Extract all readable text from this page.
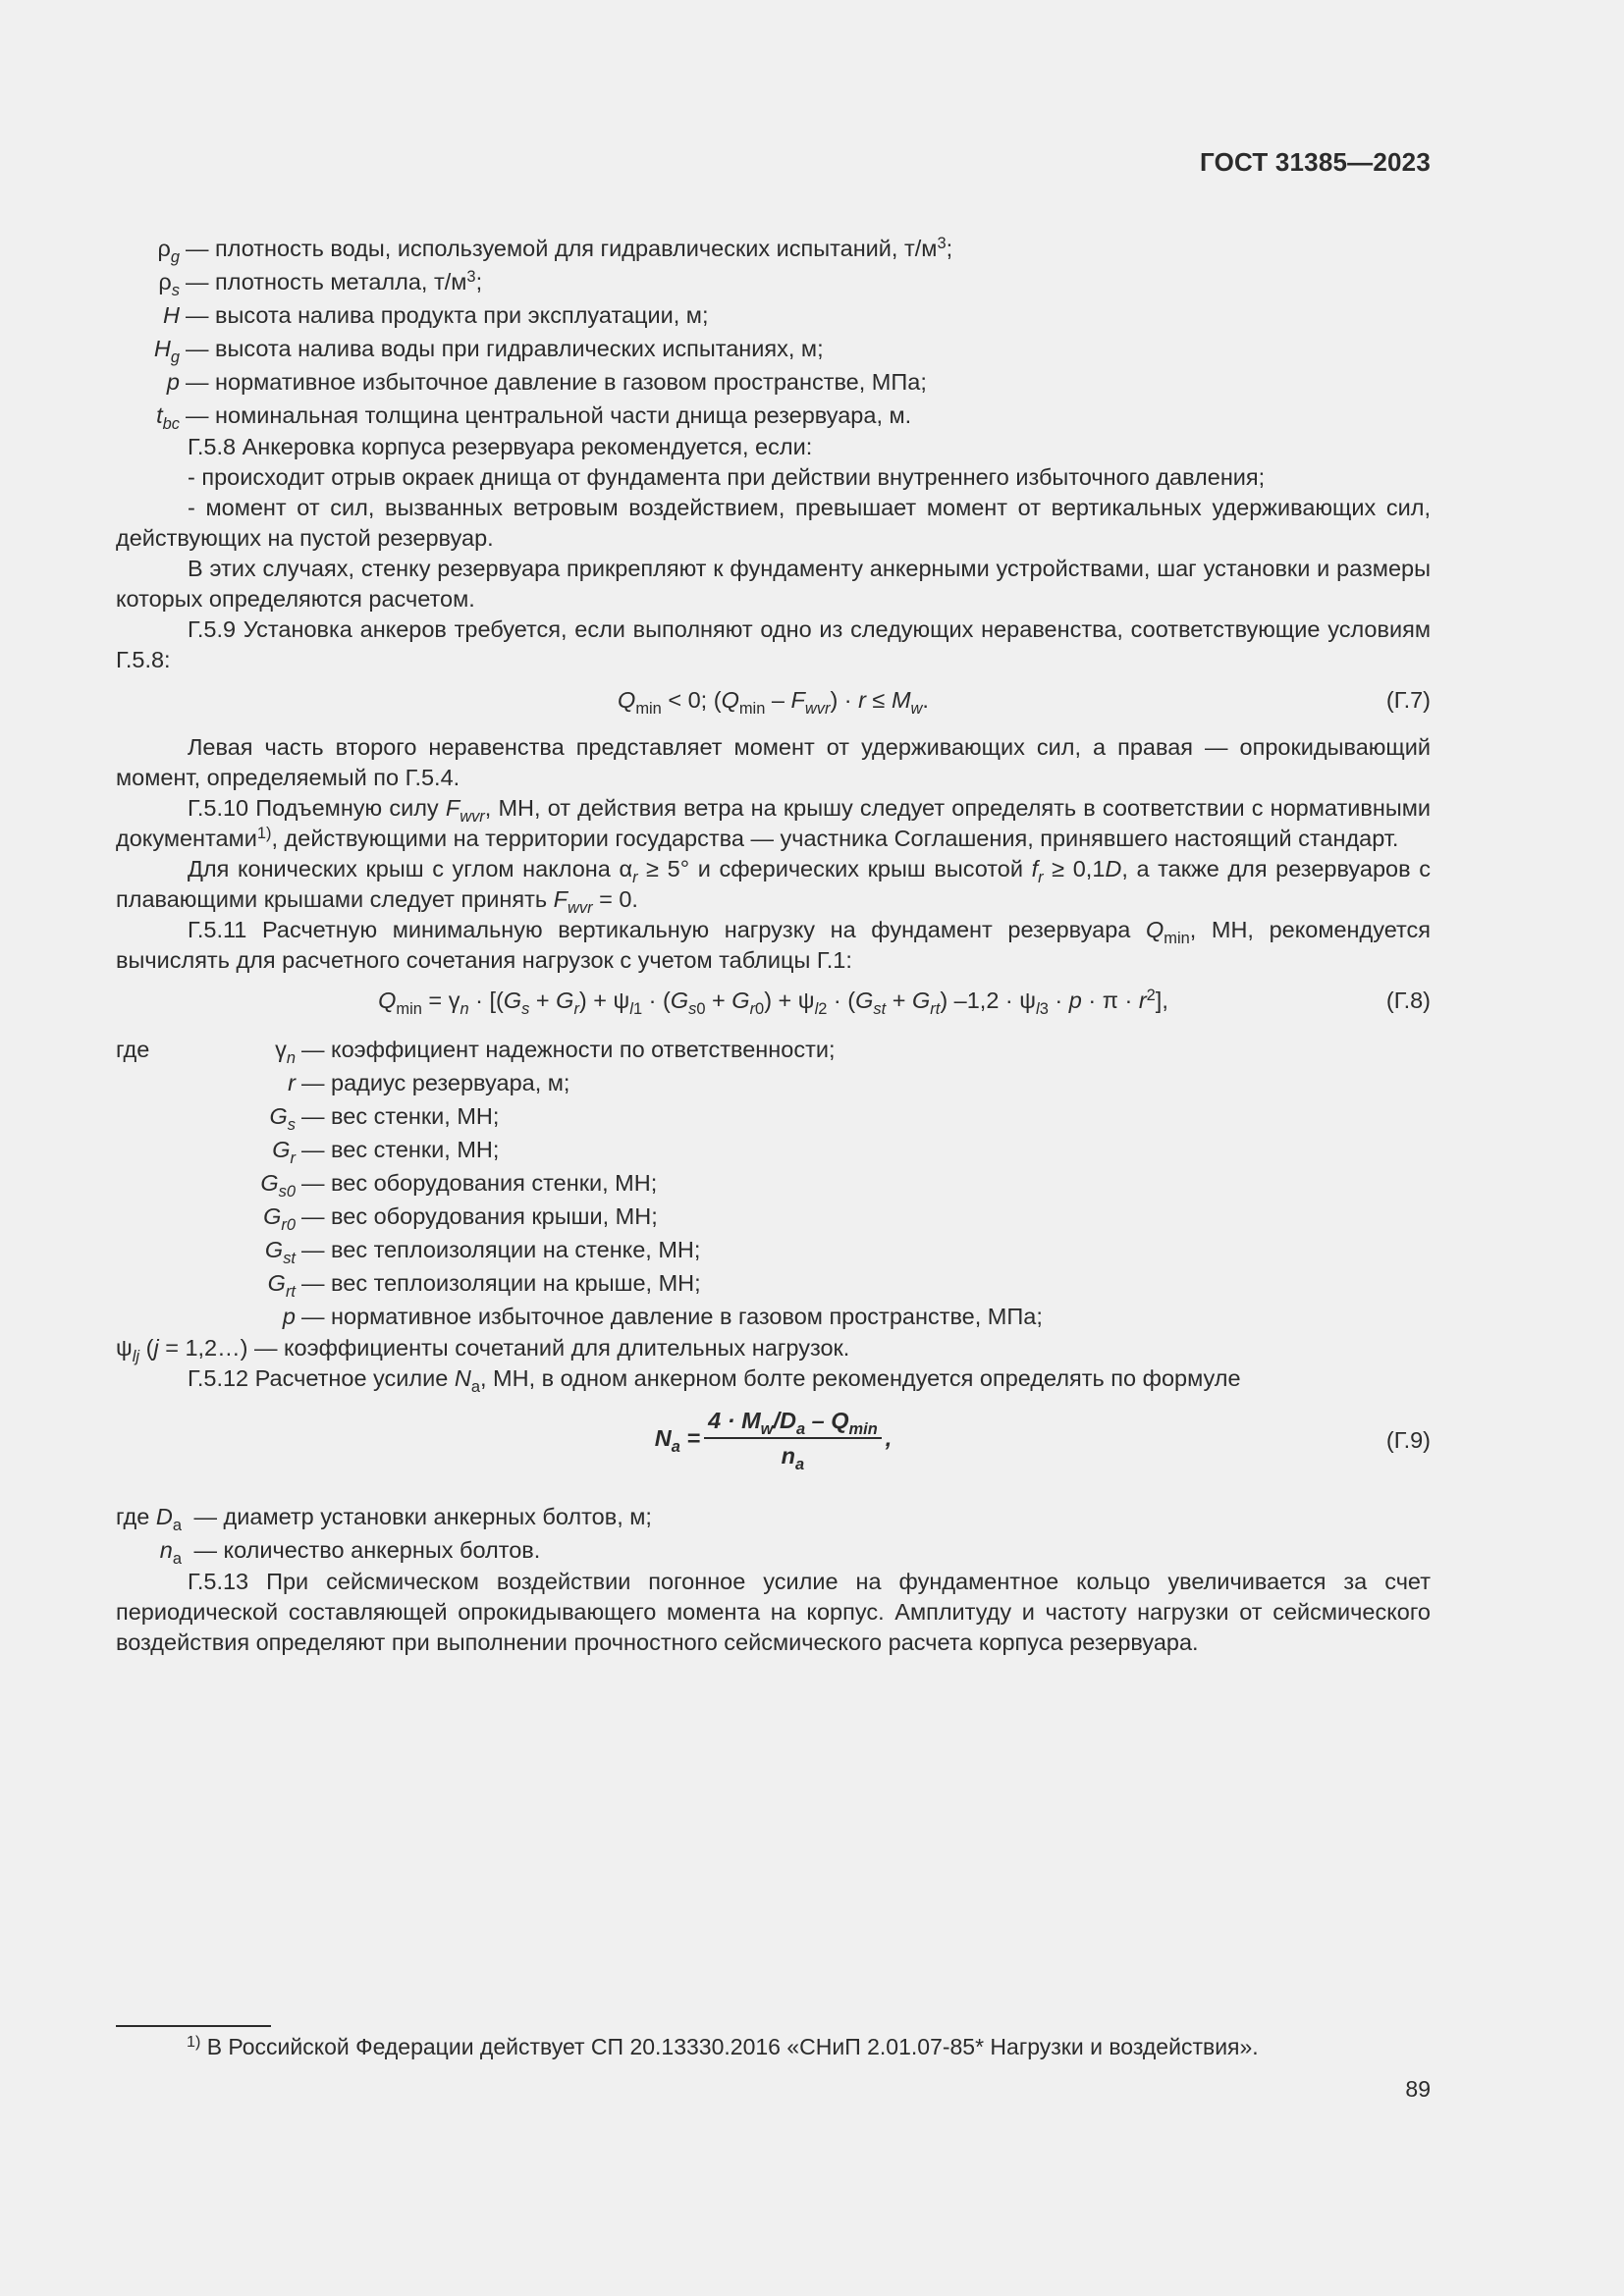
ГОСТ 31385—2023
$\rho_g$	— плотность воды, используемой для гидравлических испытаний, $т/м^3$;
$\rho_s$	— плотность металла, $т/м^3$;
H	— высота налива продукта при эксплуатации, м;
$H_g$	— высота налива воды при гидравлических испытаниях, м;
p	— нормативное избыточное давление в газовом пространстве, МПа;
$t_{bc}$	— номинальная толщина центральной части днища резервуара, м.

Г.5.8 Анкеровка корпуса резервуара рекомендуется, если:

- происходит отрыв окраек днища от фундамента при действии внутреннего избыточного давления;

- момент от сил, вызванных ветровым воздействием, превышает момент от вертикальных удерживающих сил, действующих на пустой резервуар.

В этих случаях, стенку резервуара прикрепляют к фундаменту анкерными устройствами, шаг установки и размеры которых определяются расчетом.

Г.5.9 Установка анкеров требуется, если выполняют одно из следующих неравенства, соответствующие условиям Г.5.8:

$Q_{min} < 0$; $(Q_{min} - F_{wvr}) \cdot r \le M_w$.	(Г.7)

Левая часть второго неравенства представляет момент от удерживающих сил, а правая — опрокидывающий момент, определяемый по Г.5.4.

Г.5.10 Подъемную силу $F_{wvr}$, МН, от действия ветра на крышу следует определять в соответствии с нормативными документами$^{1)}$, действующими на территории государства — участника Соглашения, принявшего настоящий стандарт.

Для конических крыш с углом наклона $\alpha_r \ge 5^\circ$ и сферических крыш высотой $f_r \ge 0,1D$, а также для резервуаров с плавающими крышами следует принять $F_{wvr} = 0$.

Г.5.11 Расчетную минимальную вертикальную нагрузку на фундамент резервуара $Q_{min}$, МН, рекомендуется вычислять для расчетного сочетания нагрузок с учетом таблицы Г.1:

$Q_{min} = \gamma_n \cdot [(G_s + G_r) + \psi_{l1} \cdot (G_{s0} + G_{r0}) + \psi_{l2} \cdot (G_{st} + G_{rt}) -1,2 \cdot \psi_{l3} \cdot p \cdot \pi \cdot r^2]$,	(Г.8)
где	$\gamma_n$	— коэффициент надежности по ответственности;
	r	— радиус резервуара, м;
	$G_s$	— вес стенки, МН;
	$G_r$	— вес стенки, МН;
	$G_{s0}$	— вес оборудования стенки, МН;
	$G_{r0}$	— вес оборудования крыши, МН;
	$G_{st}$	— вес теплоизоляции на стенке, МН;
	$G_{rt}$	— вес теплоизоляции на крыше, МН;
	p	— нормативное избыточное давление в газовом пространстве, МПа;

$\psi_{lj}$ (j = 1,2…) — коэффициенты сочетаний для длительных нагрузок.

Г.5.12 Расчетное усилие $N_a$, МН, в одном анкерном болте рекомендуется определять по формуле

$N_a = \frac{4 \cdot M_w/D_a - Q_{min}}{n_a}$ ,	(Г.9)
где $D_a$	— диаметр установки анкерных болтов, м;
$n_a$	— количество анкерных болтов.

Г.5.13 При сейсмическом воздействии погонное усилие на фундаментное кольцо увеличивается за счет периодической составляющей опрокидывающего момента на корпус. Амплитуду и частоту нагрузки от сейсмического воздействия определяют при выполнении прочностного сейсмического расчета корпуса резервуара.

$^{1)}$ В Российской Федерации действует СП 20.13330.2016 «СНиП 2.01.07-85* Нагрузки и воздействия».
89
